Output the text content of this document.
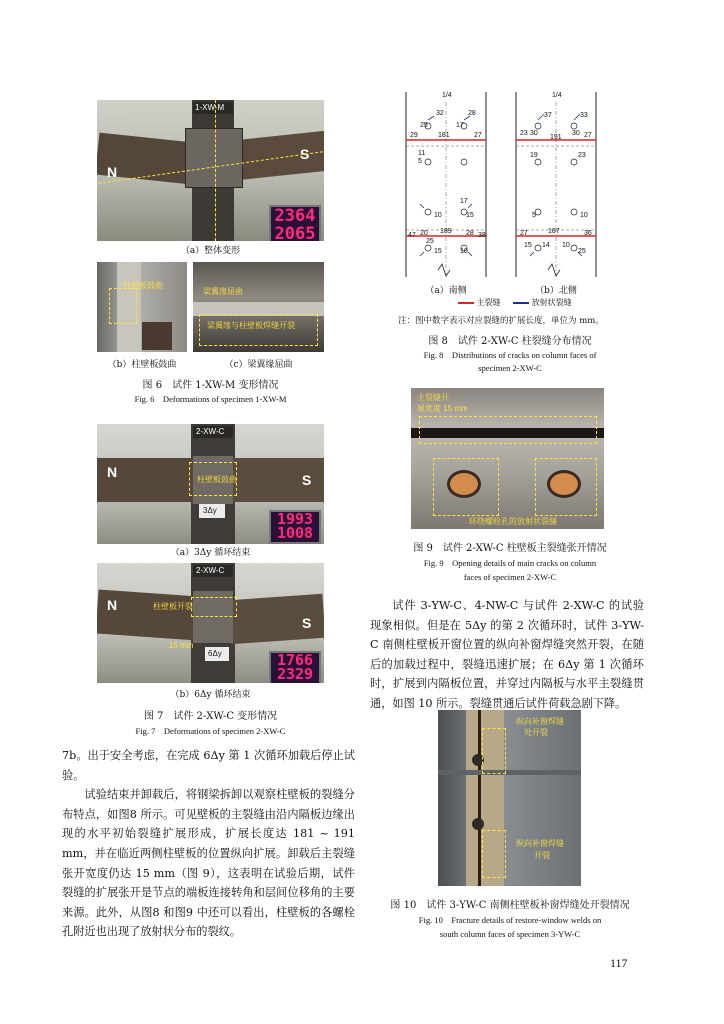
1-XW-M
N
S
2364
2065
（a）整体变形
柱壁板鼓曲
梁翼缘屈曲
梁翼缘与柱壁板焊缝开裂
（b）柱壁板鼓曲	（c）梁翼缘屈曲
图 6　试件 1-XW-M 变形情况
Fig. 6　Deformations of specimen 1-XW-M
2-XW-C
N	S
柱壁板鼓曲
3Δy	1993
1008
（a）3Δy 循环结束
2-XW-C
N
S
柱壁板开裂
15 mm
6Δy	1766
2329
（b）6Δy 循环结束
图 7　试件 2-XW-C 变形情况
Fig. 7　Deformations of specimen 2-XW-C

7b。出于安全考虑，在完成 6Δy 第 1 次循环加载后停止试验。

试验结束并卸载后，将钢梁拆卸以观察柱壁板的裂缝分布特点，如图8 所示。可见壁板的主裂缝由沿内隔板边缘出现的水平初始裂缝扩展形成，扩展长度达 181 ~ 191 mm，并在临近两侧柱壁板的位置纵向扩展。卸载后主裂缝张开宽度仍达 15 mm（图 9），这表明在试验后期，试件裂缝的扩展张开是节点的端板连接转角和层间位移角的主要来源。此外，从图8 和图9 中还可以看出，柱壁板的各螺栓孔附近也出现了放射状分布的裂纹。

1/4	1/4
32	28
25
181
17
29	27
11
5
17
10	15
20 189 28
47
25
38
15	10
37	33
23 30
191
30 27
19	23
5	10
27	187	36
15 14 10
25
（a）南侧	（b）北侧
主裂缝	放射状裂缝
注：图中数字表示对应裂缝的扩展长度，单位为 mm。
图 8　试件 2-XW-C 柱裂缝分布情况
Fig. 8　Distributions of cracks on column faces of
specimen 2-XW-C
主裂缝开
展宽度 15 mm
环绕螺栓孔的放射状裂缝
图 9　试件 2-XW-C 柱壁板主裂缝张开情况
Fig. 9　Opening details of main cracks on column
faces of specimen 2-XW-C

试件 3-YW-C、4-NW-C 与试件 2-XW-C 的试验现象相似。但是在 5Δy 的第 2 次循环时，试件 3-YW-C 南侧柱壁板开窗位置的纵向补窗焊缝突然开裂，在随后的加载过程中，裂缝迅速扩展；在 6Δy 第 1 次循环时，扩展到内隔板位置，并穿过内隔板与水平主裂缝贯通，如图 10 所示。裂缝贯通后试件荷载急剧下降。

纵向补窗焊缝
处开裂
纵向补窗焊缝
开裂
图 10　试件 3-YW-C 南侧柱壁板补窗焊缝处开裂情况
Fig. 10　Fracture details of restore-window welds on
south column faces of specimen 3-YW-C
117
